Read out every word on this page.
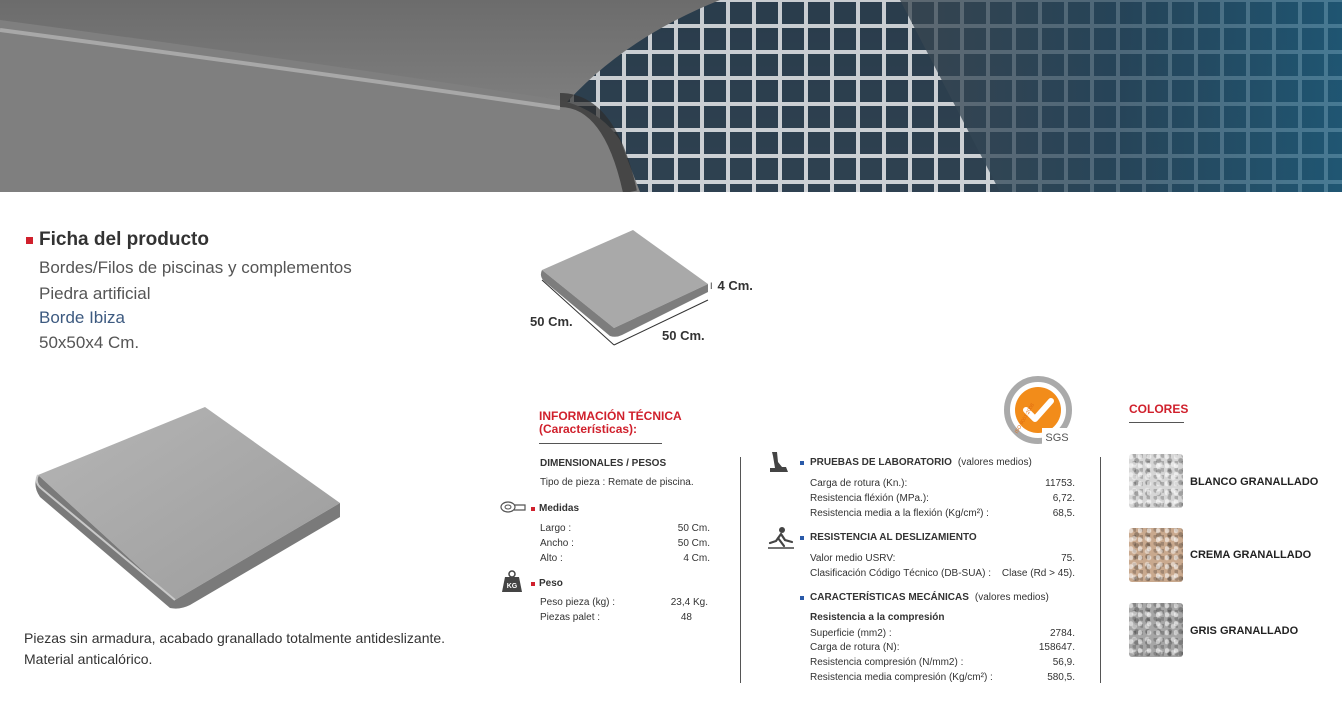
Ficha del producto
Bordes/Filos de piscinas y complementos
Piedra artificial
Borde Ibiza
50x50x4 Cm.
Piezas sin armadura, acabado granallado totalmente antideslizante.
Material anticalórico.
I 4 Cm.
50 Cm.
50 Cm.
INFORMACIÓN TÉCNICA
(Características):
DIMENSIONALES / PESOS
Tipo de pieza : Remate de piscina.
Medidas
Largo :	50 Cm.
Ancho :	50 Cm.
Alto :	4 Cm.
KG Peso
Peso pieza (kg) :	23,4 Kg.
Piezas palet :	48
ISO 9001:2008
SGS
PRUEBAS DE LABORATORIO (valores medios)
Carga de rotura (Kn.):	11753.
Resistencia fléxión (MPa.):	6,72.
Resistencia media a la flexión (Kg/cm²) :	68,5.
RESISTENCIA AL DESLIZAMIENTO
Valor medio USRV:	75.
Clasificación Código Técnico (DB-SUA) : Clase (Rd > 45).
CARACTERÍSTICAS MECÁNICAS (valores medios)
Resistencia a la compresión
Superficie (mm2) :	2784.
Carga de rotura (N):	158647.
Resistencia compresión (N/mm2) :	56,9.
Resistencia media compresión (Kg/cm²) :	580,5.
COLORES
BLANCO GRANALLADO
CREMA GRANALLADO
GRIS GRANALLADO
